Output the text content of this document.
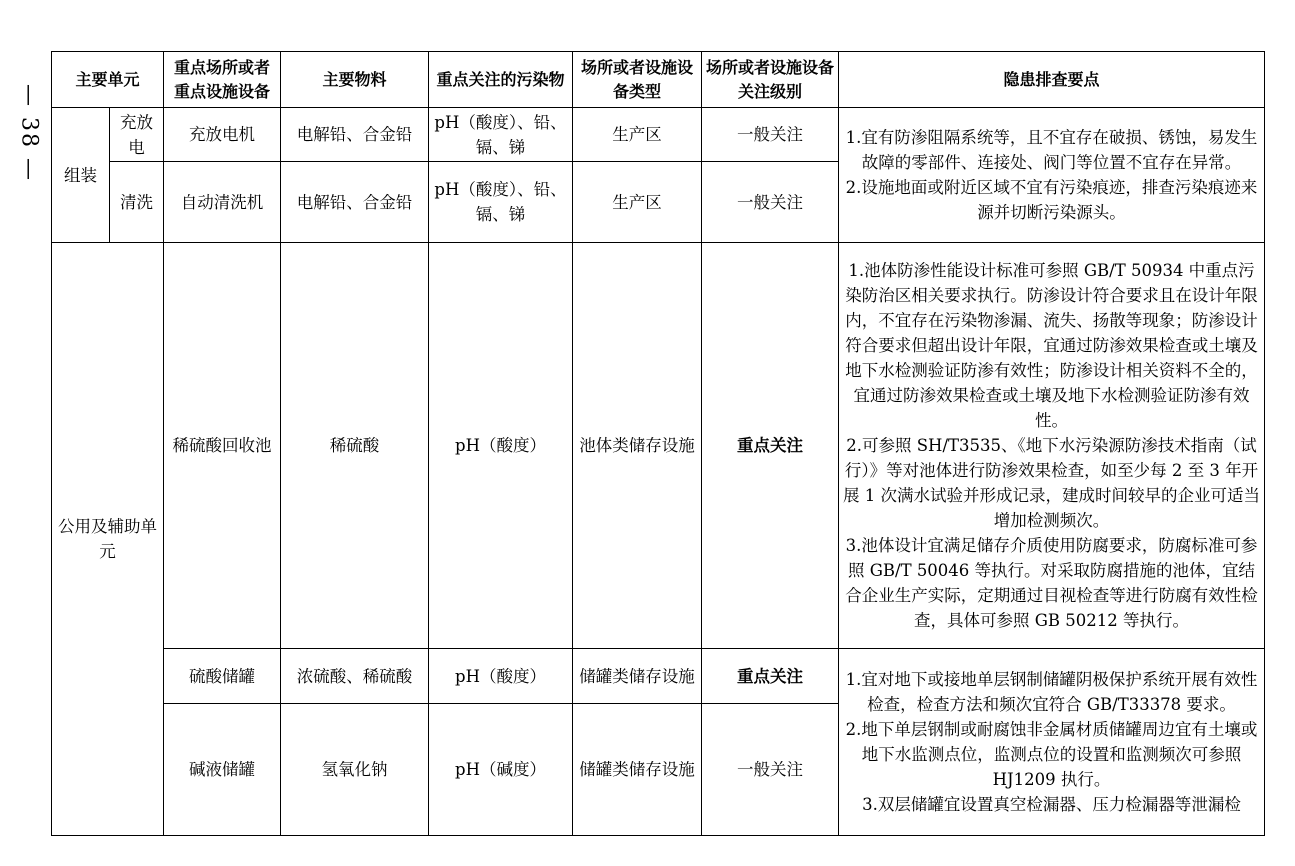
— 38 —
主要单元		重点场所或者重点设施设备	主要物料	重点关注的污染物	场所或者设施设备类型	场所或者设施设备关注级别	隐患排查要点
组装	充放电	充放电机	电解铅、合金铅	pH（酸度）、铅、镉、锑	生产区	一般关注	1.宜有防渗阻隔系统等，且不宜存在破损、锈蚀，易发生故障的零部件、连接处、阀门等位置不宜存在异常。

2.设施地面或附近区域不宜有污染痕迹，排查污染痕迹来源并切断污染源头。

	清洗	自动清洗机	电解铅、合金铅	pH（酸度）、铅、镉、锑	生产区	一般关注	
公用及辅助单元		稀硫酸回收池	稀硫酸	pH（酸度）	池体类储存设施	重点关注	1.池体防渗性能设计标准可参照 GB/T 50934 中重点污染防治区相关要求执行。防渗设计符合要求且在设计年限内，不宜存在污染物渗漏、流失、扬散等现象；防渗设计符合要求但超出设计年限，宜通过防渗效果检查或土壤及地下水检测验证防渗有效性；防渗设计相关资料不全的，宜通过防渗效果检查或土壤及地下水检测验证防渗有效性。

2.可参照 SH/T3535、《地下水污染源防渗技术指南（试行）》等对池体进行防渗效果检查，如至少每 2 至 3 年开展 1 次满水试验并形成记录，建成时间较早的企业可适当增加检测频次。

3.池体设计宜满足储存介质使用防腐要求，防腐标准可参照 GB/T 50046 等执行。对采取防腐措施的池体，宜结合企业生产实际，定期通过目视检查等进行防腐有效性检查，具体可参照 GB 50212 等执行。

		硫酸储罐	浓硫酸、稀硫酸	pH（酸度）	储罐类储存设施	重点关注	1.宜对地下或接地单层钢制储罐阴极保护系统开展有效性检查，检查方法和频次宜符合 GB/T33378 要求。

2.地下单层钢制或耐腐蚀非金属材质储罐周边宜有土壤或地下水监测点位，监测点位的设置和监测频次可参照 HJ1209 执行。

3.双层储罐宜设置真空检漏器、压力检漏器等泄漏检

		碱液储罐	氢氧化钠	pH（碱度）	储罐类储存设施	一般关注	
